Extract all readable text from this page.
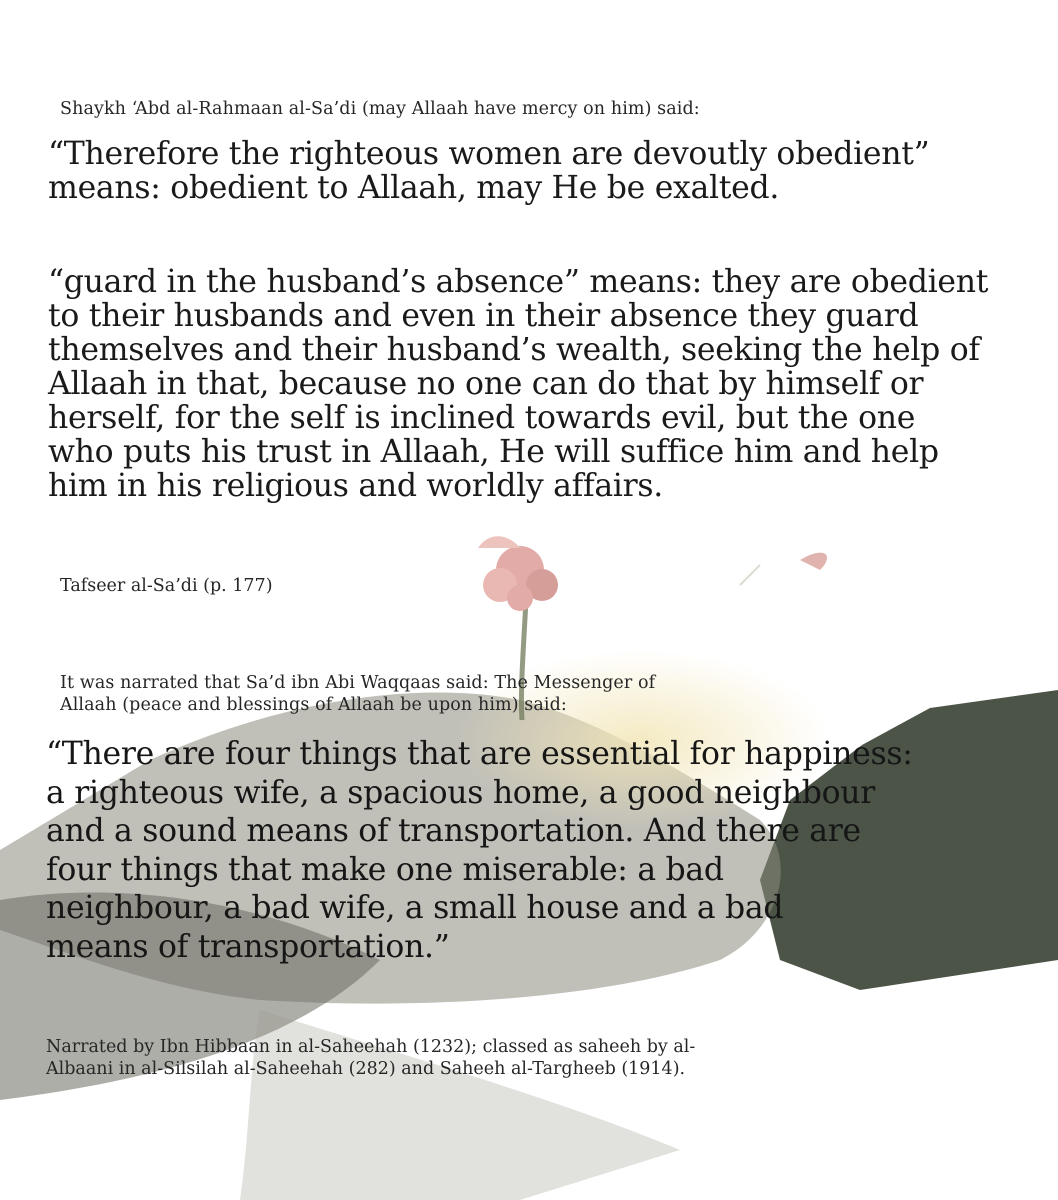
Shaykh ‘Abd al-Rahmaan al-Sa’di (may Allaah have mercy on him) said:
“Therefore the righteous women are devoutly obedient”
means: obedient to Allaah, may He be exalted.
“guard in the husband’s absence” means: they are obedient
to their husbands and even in their absence they guard
themselves and their husband’s wealth, seeking the help of
Allaah in that, because no one can do that by himself or
herself, for the self is inclined towards evil, but the one
who puts his trust in Allaah, He will suffice him and help
him in his religious and worldly affairs.
Tafseer al-Sa’di (p. 177)
It was narrated that Sa’d ibn Abi Waqqaas said: The Messenger of
Allaah (peace and blessings of Allaah be upon him) said:
“There are four things that are essential for happiness:
a righteous wife, a spacious home, a good neighbour
and a sound means of transportation. And there are
four things that make one miserable: a bad
neighbour, a bad wife, a small house and a bad
means of transportation.”
Narrated by Ibn Hibbaan in al-Saheehah (1232); classed as saheeh by al-
Albaani in al-Silsilah al-Saheehah (282) and Saheeh al-Targheeb (1914).
